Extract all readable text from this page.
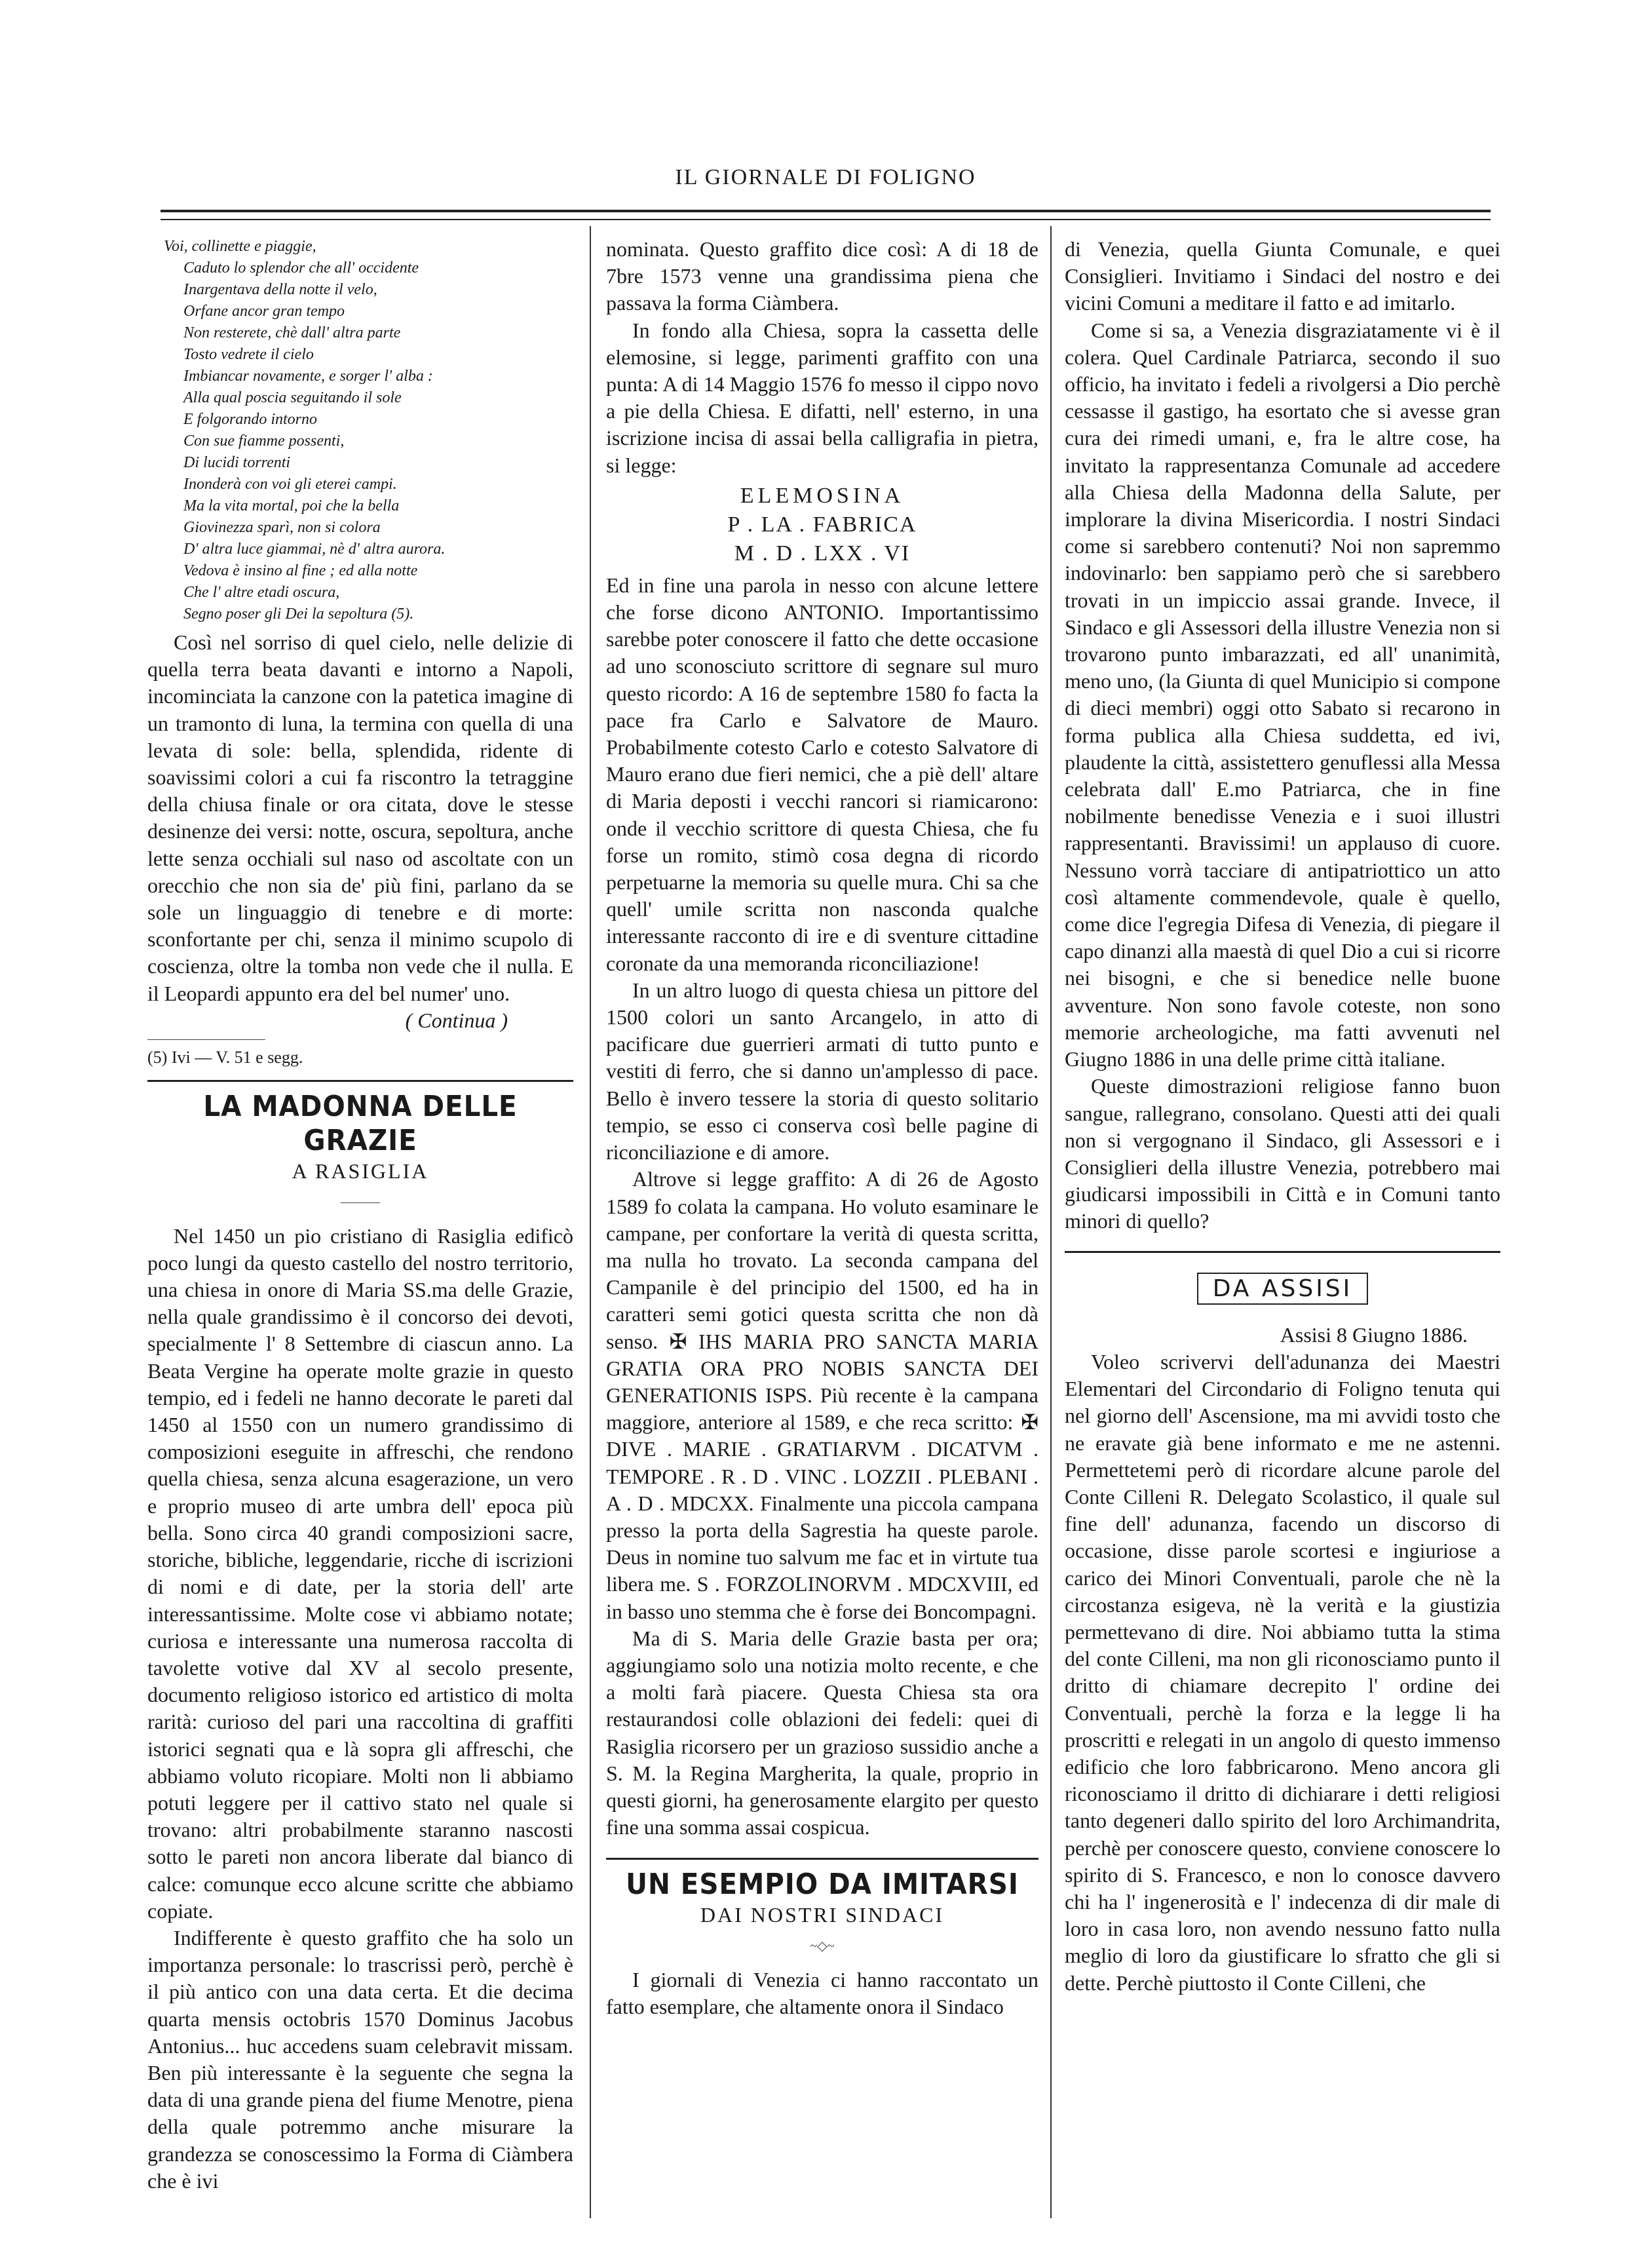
IL GIORNALE DI FOLIGNO
Voi, collinette e piaggie,
Caduto lo splendor che all' occidente
Inargentava della notte il velo,
Orfane ancor gran tempo
Non resterete, chè dall' altra parte
Tosto vedrete il cielo
Imbiancar novamente, e sorger l' alba :
Alla qual poscia seguitando il sole
E folgorando intorno
Con sue fiamme possenti,
Di lucidi torrenti
Inonderà con voi gli eterei campi.
Ma la vita mortal, poi che la bella
Giovinezza sparì, non si colora
D' altra luce giammai, nè d' altra aurora.
Vedova è insino al fine ; ed alla notte
Che l' altre etadi oscura,
Segno poser gli Dei la sepoltura (5).

Così nel sorriso di quel cielo, nelle delizie di quella terra beata davanti e intorno a Napoli, incominciata la canzone con la patetica imagine di un tramonto di luna, la termina con quella di una levata di sole: bella, splendida, ridente di soavissimi colori a cui fa riscontro la tetraggine della chiusa finale or ora citata, dove le stesse desinenze dei versi: notte, oscura, sepoltura, anche lette senza occhiali sul naso od ascoltate con un orecchio che non sia de' più fini, parlano da se sole un linguaggio di tenebre e di morte: sconfortante per chi, senza il minimo scupolo di coscienza, oltre la tomba non vede che il nulla. E il Leopardi appunto era del bel numer' uno.

( Continua )
(5) Ivi — V. 51 e segg.
LA MADONNA DELLE GRAZIE
A RASIGLIA
———

Nel 1450 un pio cristiano di Rasiglia edificò poco lungi da questo castello del nostro territorio, una chiesa in onore di Maria SS.ma delle Grazie, nella quale grandissimo è il concorso dei devoti, specialmente l' 8 Settembre di ciascun anno. La Beata Vergine ha operate molte grazie in questo tempio, ed i fedeli ne hanno decorate le pareti dal 1450 al 1550 con un numero grandissimo di composizioni eseguite in affreschi, che rendono quella chiesa, senza alcuna esagerazione, un vero e proprio museo di arte umbra dell' epoca più bella. Sono circa 40 grandi composizioni sacre, storiche, bibliche, leggendarie, ricche di iscrizioni di nomi e di date, per la storia dell' arte interessantissime. Molte cose vi abbiamo notate; curiosa e interessante una numerosa raccolta di tavolette votive dal XV al secolo presente, documento religioso istorico ed artistico di molta rarità: curioso del pari una raccoltina di graffiti istorici segnati qua e là sopra gli affreschi, che abbiamo voluto ricopiare. Molti non li abbiamo potuti leggere per il cattivo stato nel quale si trovano: altri probabilmente staranno nascosti sotto le pareti non ancora liberate dal bianco di calce: comunque ecco alcune scritte che abbiamo copiate.

Indifferente è questo graffito che ha solo un importanza personale: lo trascrissi però, perchè è il più antico con una data certa. Et die decima quarta mensis octobris 1570 Dominus Jacobus Antonius... huc accedens suam celebravit missam. Ben più interessante è la seguente che segna la data di una grande piena del fiume Menotre, piena della quale potremmo anche misurare la grandezza se conoscessimo la Forma di Ciàmbera che è ivi

nominata. Questo graffito dice così: A di 18 de 7bre 1573 venne una grandissima piena che passava la forma Ciàmbera.

In fondo alla Chiesa, sopra la cassetta delle elemosine, si legge, parimenti graffito con una punta: A di 14 Maggio 1576 fo messo il cippo novo a pie della Chiesa. E difatti, nell' esterno, in una iscrizione incisa di assai bella calligrafia in pietra, si legge:

ELEMOSINA
P . LA . FABRICA
M . D . LXX . VI

Ed in fine una parola in nesso con alcune lettere che forse dicono ANTONIO. Importantissimo sarebbe poter conoscere il fatto che dette occasione ad uno sconosciuto scrittore di segnare sul muro questo ricordo: A 16 de septembre 1580 fo facta la pace fra Carlo e Salvatore de Mauro. Probabilmente cotesto Carlo e cotesto Salvatore di Mauro erano due fieri nemici, che a piè dell' altare di Maria deposti i vecchi rancori si riamicarono: onde il vecchio scrittore di questa Chiesa, che fu forse un romito, stimò cosa degna di ricordo perpetuarne la memoria su quelle mura. Chi sa che quell' umile scritta non nasconda qualche interessante racconto di ire e di sventure cittadine coronate da una memoranda riconciliazione!

In un altro luogo di questa chiesa un pittore del 1500 colori un santo Arcangelo, in atto di pacificare due guerrieri armati di tutto punto e vestiti di ferro, che si danno un'amplesso di pace. Bello è invero tessere la storia di questo solitario tempio, se esso ci conserva così belle pagine di riconciliazione e di amore.

Altrove si legge graffito: A di 26 de Agosto 1589 fo colata la campana. Ho voluto esaminare le campane, per confortare la verità di questa scritta, ma nulla ho trovato. La seconda campana del Campanile è del principio del 1500, ed ha in caratteri semi gotici questa scritta che non dà senso. ✠ IHS MARIA PRO SANCTA MARIA GRATIA ORA PRO NOBIS SANCTA DEI GENERATIONIS ISPS. Più recente è la campana maggiore, anteriore al 1589, e che reca scritto: ✠ DIVE . MARIE . GRATIARVM . DICATVM . TEMPORE . R . D . VINC . LOZZII . PLEBANI . A . D . MDCXX. Finalmente una piccola campana presso la porta della Sagrestia ha queste parole. Deus in nomine tuo salvum me fac et in virtute tua libera me. S . FORZOLINORVM . MDCXVIII, ed in basso uno stemma che è forse dei Boncompagni.

Ma di S. Maria delle Grazie basta per ora; aggiungiamo solo una notizia molto recente, e che a molti farà piacere. Questa Chiesa sta ora restaurandosi colle oblazioni dei fedeli: quei di Rasiglia ricorsero per un grazioso sussidio anche a S. M. la Regina Margherita, la quale, proprio in questi giorni, ha generosamente elargito per questo fine una somma assai cospicua.

UN ESEMPIO DA IMITARSI
DAI NOSTRI SINDACI
~◇~

I giornali di Venezia ci hanno raccontato un fatto esemplare, che altamente onora il Sindaco

di Venezia, quella Giunta Comunale, e quei Consiglieri. Invitiamo i Sindaci del nostro e dei vicini Comuni a meditare il fatto e ad imitarlo.

Come si sa, a Venezia disgraziatamente vi è il colera. Quel Cardinale Patriarca, secondo il suo officio, ha invitato i fedeli a rivolgersi a Dio perchè cessasse il gastigo, ha esortato che si avesse gran cura dei rimedi umani, e, fra le altre cose, ha invitato la rappresentanza Comunale ad accedere alla Chiesa della Madonna della Salute, per implorare la divina Misericordia. I nostri Sindaci come si sarebbero contenuti? Noi non sapremmo indovinarlo: ben sappiamo però che si sarebbero trovati in un impiccio assai grande. Invece, il Sindaco e gli Assessori della illustre Venezia non si trovarono punto imbarazzati, ed all' unanimità, meno uno, (la Giunta di quel Municipio si compone di dieci membri) oggi otto Sabato si recarono in forma publica alla Chiesa suddetta, ed ivi, plaudente la città, assistettero genuflessi alla Messa celebrata dall' E.mo Patriarca, che in fine nobilmente benedisse Venezia e i suoi illustri rappresentanti. Bravissimi! un applauso di cuore. Nessuno vorrà tacciare di antipatriottico un atto così altamente commendevole, quale è quello, come dice l'egregia Difesa di Venezia, di piegare il capo dinanzi alla maestà di quel Dio a cui si ricorre nei bisogni, e che si benedice nelle buone avventure. Non sono favole coteste, non sono memorie archeologiche, ma fatti avvenuti nel Giugno 1886 in una delle prime città italiane.

Queste dimostrazioni religiose fanno buon sangue, rallegrano, consolano. Questi atti dei quali non si vergognano il Sindaco, gli Assessori e i Consiglieri della illustre Venezia, potrebbero mai giudicarsi impossibili in Città e in Comuni tanto minori di quello?

DA ASSISI
Assisi 8 Giugno 1886.

Voleo scrivervi dell'adunanza dei Maestri Elementari del Circondario di Foligno tenuta qui nel giorno dell' Ascensione, ma mi avvidi tosto che ne eravate già bene informato e me ne astenni. Permettetemi però di ricordare alcune parole del Conte Cilleni R. Delegato Scolastico, il quale sul fine dell' adunanza, facendo un discorso di occasione, disse parole scortesi e ingiuriose a carico dei Minori Conventuali, parole che nè la circostanza esigeva, nè la verità e la giustizia permettevano di dire. Noi abbiamo tutta la stima del conte Cilleni, ma non gli riconosciamo punto il dritto di chiamare decrepito l' ordine dei Conventuali, perchè la forza e la legge li ha proscritti e relegati in un angolo di questo immenso edificio che loro fabbricarono. Meno ancora gli riconosciamo il dritto di dichiarare i detti religiosi tanto degeneri dallo spirito del loro Archimandrita, perchè per conoscere questo, conviene conoscere lo spirito di S. Francesco, e non lo conosce davvero chi ha l' ingenerosità e l' indecenza di dir male di loro in casa loro, non avendo nessuno fatto nulla meglio di loro da giustificare lo sfratto che gli si dette. Perchè piuttosto il Conte Cilleni, che
